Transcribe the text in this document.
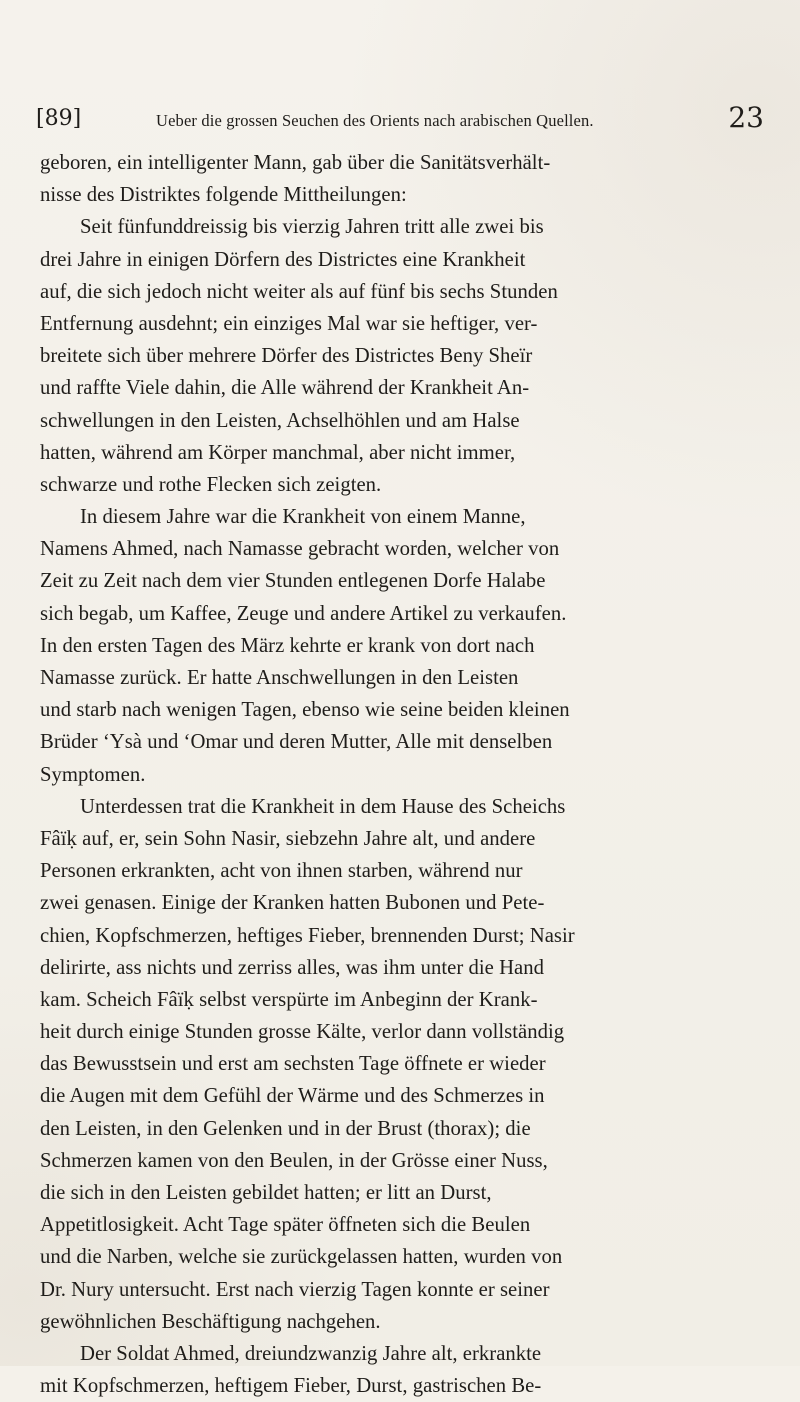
[89]	Ueber die grossen Seuchen des Orients nach arabischen Quellen.	23
geboren, ein intelligenter Mann, gab über die Sanitätsverhält-
nisse des Distriktes folgende Mittheilungen:
Seit fünfunddreissig bis vierzig Jahren tritt alle zwei bis
drei Jahre in einigen Dörfern des Districtes eine Krankheit
auf, die sich jedoch nicht weiter als auf fünf bis sechs Stunden
Entfernung ausdehnt; ein einziges Mal war sie heftiger, ver-
breitete sich über mehrere Dörfer des Districtes Beny Sheïr
und raffte Viele dahin, die Alle während der Krankheit An-
schwellungen in den Leisten, Achselhöhlen und am Halse
hatten, während am Körper manchmal, aber nicht immer,
schwarze und rothe Flecken sich zeigten.
In diesem Jahre war die Krankheit von einem Manne,
Namens Ahmed, nach Namasse gebracht worden, welcher von
Zeit zu Zeit nach dem vier Stunden entlegenen Dorfe Halabe
sich begab, um Kaffee, Zeuge und andere Artikel zu verkaufen.
In den ersten Tagen des März kehrte er krank von dort nach
Namasse zurück. Er hatte Anschwellungen in den Leisten
und starb nach wenigen Tagen, ebenso wie seine beiden kleinen
Brüder ‘Ysà und ‘Omar und deren Mutter, Alle mit denselben
Symptomen.
Unterdessen trat die Krankheit in dem Hause des Scheichs
Fâïḳ auf, er, sein Sohn Nasir, siebzehn Jahre alt, und andere
Personen erkrankten, acht von ihnen starben, während nur
zwei genasen. Einige der Kranken hatten Bubonen und Pete-
chien, Kopfschmerzen, heftiges Fieber, brennenden Durst; Nasir
delirirte, ass nichts und zerriss alles, was ihm unter die Hand
kam. Scheich Fâïḳ selbst verspürte im Anbeginn der Krank-
heit durch einige Stunden grosse Kälte, verlor dann vollständig
das Bewusstsein und erst am sechsten Tage öffnete er wieder
die Augen mit dem Gefühl der Wärme und des Schmerzes in
den Leisten, in den Gelenken und in der Brust (thorax); die
Schmerzen kamen von den Beulen, in der Grösse einer Nuss,
die sich in den Leisten gebildet hatten; er litt an Durst,
Appetitlosigkeit. Acht Tage später öffneten sich die Beulen
und die Narben, welche sie zurückgelassen hatten, wurden von
Dr. Nury untersucht. Erst nach vierzig Tagen konnte er seiner
gewöhnlichen Beschäftigung nachgehen.
Der Soldat Ahmed, dreiundzwanzig Jahre alt, erkrankte
mit Kopfschmerzen, heftigem Fieber, Durst, gastrischen Be-
